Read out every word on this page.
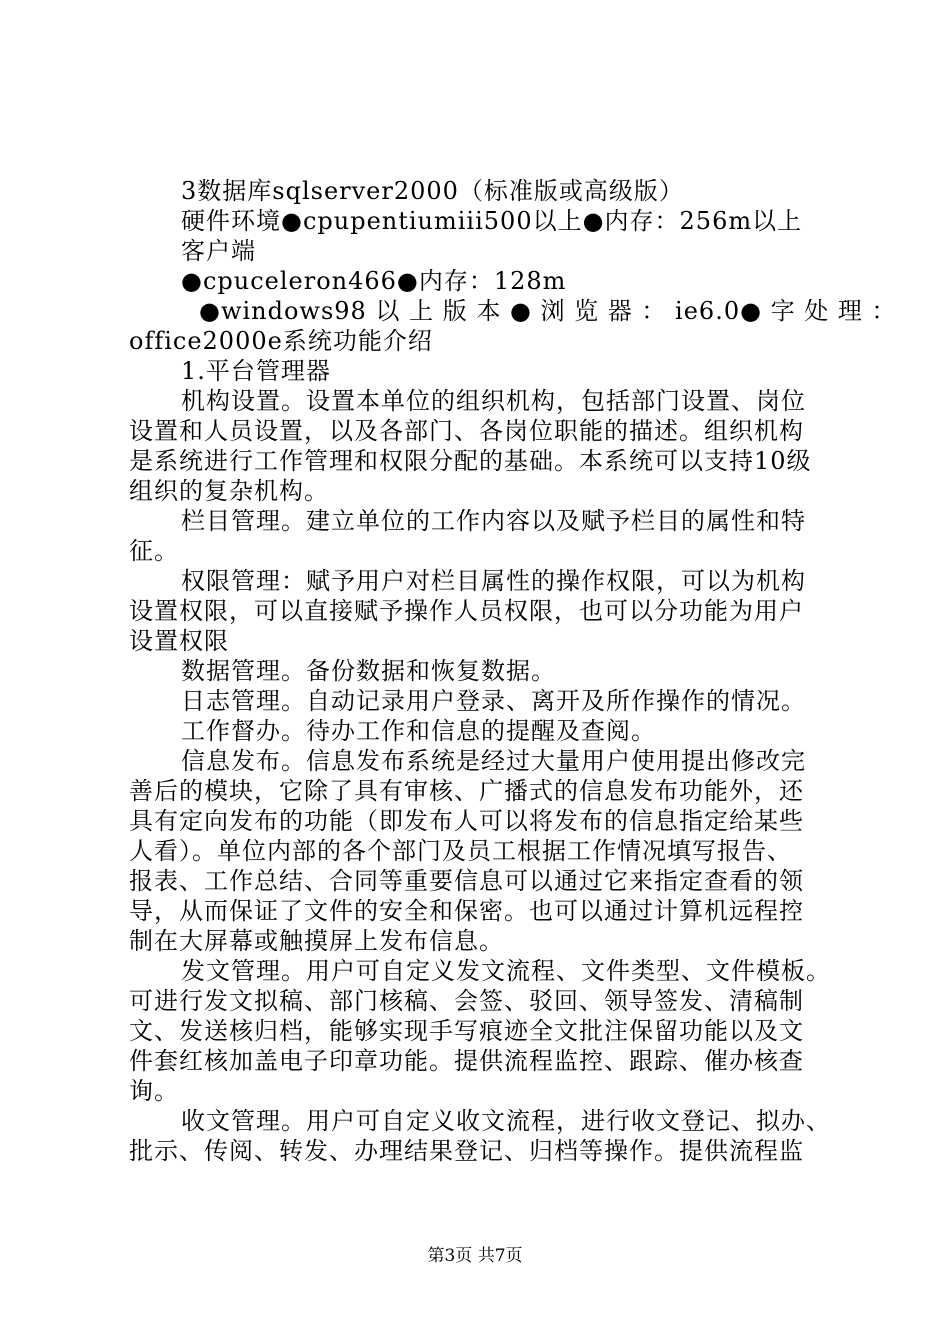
3数据库sqlserver2000（标准版或高级版）
硬件环境●cpupentiumiii500以上●内存：256m以上
客户端
●cpuceleron466●内存：128m
●windows98 以 上 版 本 ● 浏 览 器 ： ie6.0● 字 处 理 ：
office2000e系统功能介绍
1.平台管理器
机构设置。设置本单位的组织机构，包括部门设置、岗位
设置和人员设置，以及各部门、各岗位职能的描述。组织机构
是系统进行工作管理和权限分配的基础。本系统可以支持10级
组织的复杂机构。
栏目管理。建立单位的工作内容以及赋予栏目的属性和特
征。
权限管理：赋予用户对栏目属性的操作权限，可以为机构
设置权限，可以直接赋予操作人员权限，也可以分功能为用户
设置权限
数据管理。备份数据和恢复数据。
日志管理。自动记录用户登录、离开及所作操作的情况。
工作督办。待办工作和信息的提醒及查阅。
信息发布。信息发布系统是经过大量用户使用提出修改完
善后的模块，它除了具有审核、广播式的信息发布功能外，还
具有定向发布的功能（即发布人可以将发布的信息指定给某些
人看）。单位内部的各个部门及员工根据工作情况填写报告、
报表、工作总结、合同等重要信息可以通过它来指定查看的领
导，从而保证了文件的安全和保密。也可以通过计算机远程控
制在大屏幕或触摸屏上发布信息。
发文管理。用户可自定义发文流程、文件类型、文件模板。
可进行发文拟稿、部门核稿、会签、驳回、领导签发、清稿制
文、发送核归档，能够实现手写痕迹全文批注保留功能以及文
件套红核加盖电子印章功能。提供流程监控、跟踪、催办核查
询。
收文管理。用户可自定义收文流程，进行收文登记、拟办、
批示、传阅、转发、办理结果登记、归档等操作。提供流程监
第3页 共7页
